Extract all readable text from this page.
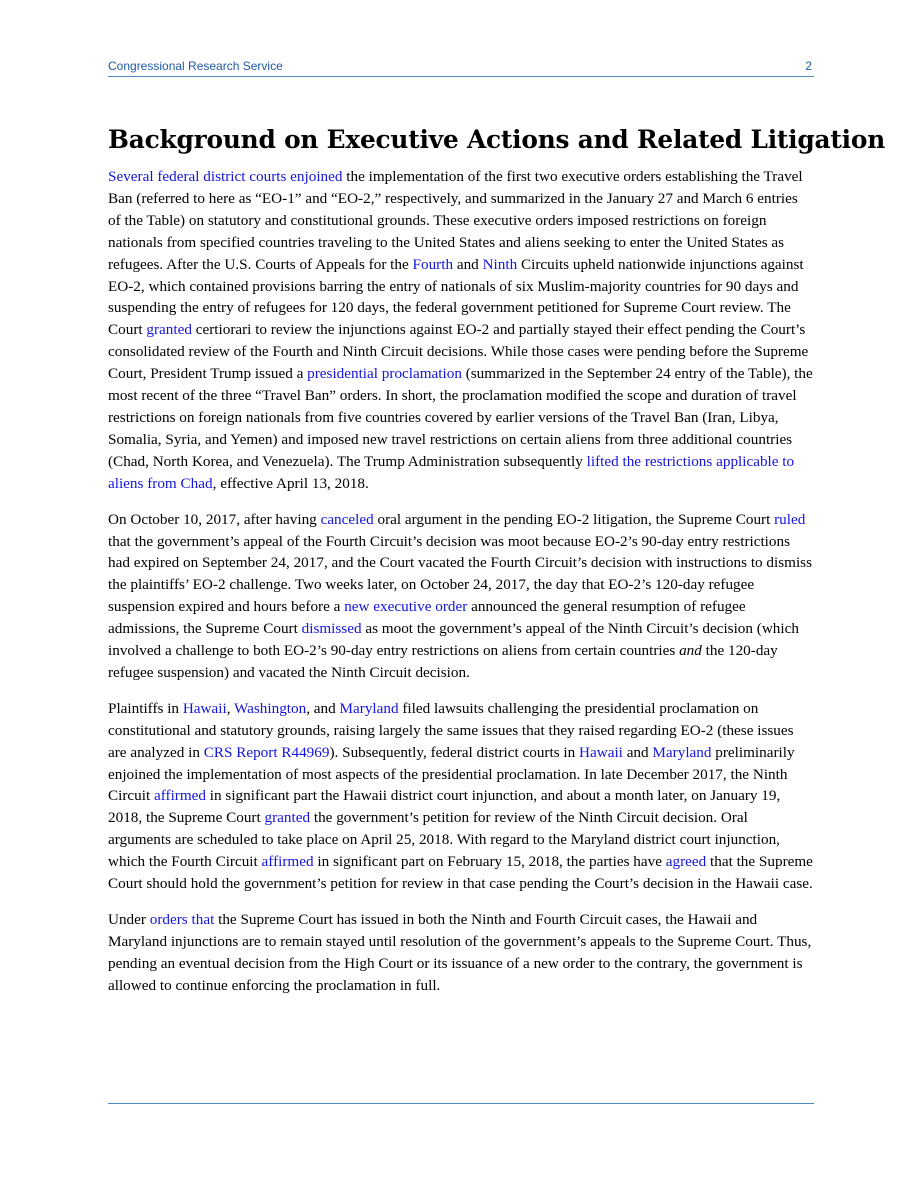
Congressional Research Service	2
Background on Executive Actions and Related Litigation

Several federal district courts enjoined the implementation of the first two executive orders establishing the Travel Ban (referred to here as “EO-1” and “EO-2,” respectively, and summarized in the January 27 and March 6 entries of the Table) on statutory and constitutional grounds. These executive orders imposed restrictions on foreign nationals from specified countries traveling to the United States and aliens seeking to enter the United States as refugees. After the U.S. Courts of Appeals for the Fourth and Ninth Circuits upheld nationwide injunctions against EO-2, which contained provisions barring the entry of nationals of six Muslim-majority countries for 90 days and suspending the entry of refugees for 120 days, the federal government petitioned for Supreme Court review. The Court granted certiorari to review the injunctions against EO-2 and partially stayed their effect pending the Court’s consolidated review of the Fourth and Ninth Circuit decisions. While those cases were pending before the Supreme Court, President Trump issued a presidential proclamation (summarized in the September 24 entry of the Table), the most recent of the three “Travel Ban” orders. In short, the proclamation modified the scope and duration of travel restrictions on foreign nationals from five countries covered by earlier versions of the Travel Ban (Iran, Libya, Somalia, Syria, and Yemen) and imposed new travel restrictions on certain aliens from three additional countries (Chad, North Korea, and Venezuela). The Trump Administration subsequently lifted the restrictions applicable to aliens from Chad, effective April 13, 2018.

On October 10, 2017, after having canceled oral argument in the pending EO-2 litigation, the Supreme Court ruled that the government’s appeal of the Fourth Circuit’s decision was moot because EO-2’s 90-day entry restrictions had expired on September 24, 2017, and the Court vacated the Fourth Circuit’s decision with instructions to dismiss the plaintiffs’ EO-2 challenge. Two weeks later, on October 24, 2017, the day that EO-2’s 120-day refugee suspension expired and hours before a new executive order announced the general resumption of refugee admissions, the Supreme Court dismissed as moot the government’s appeal of the Ninth Circuit’s decision (which involved a challenge to both EO-2’s 90-day entry restrictions on aliens from certain countries and the 120-day refugee suspension) and vacated the Ninth Circuit decision.

Plaintiffs in Hawaii, Washington, and Maryland filed lawsuits challenging the presidential proclamation on constitutional and statutory grounds, raising largely the same issues that they raised regarding EO-2 (these issues are analyzed in CRS Report R44969). Subsequently, federal district courts in Hawaii and Maryland preliminarily enjoined the implementation of most aspects of the presidential proclamation. In late December 2017, the Ninth Circuit affirmed in significant part the Hawaii district court injunction, and about a month later, on January 19, 2018, the Supreme Court granted the government’s petition for review of the Ninth Circuit decision. Oral arguments are scheduled to take place on April 25, 2018. With regard to the Maryland district court injunction, which the Fourth Circuit affirmed in significant part on February 15, 2018, the parties have agreed that the Supreme Court should hold the government’s petition for review in that case pending the Court’s decision in the Hawaii case.

Under orders that the Supreme Court has issued in both the Ninth and Fourth Circuit cases, the Hawaii and Maryland injunctions are to remain stayed until resolution of the government’s appeals to the Supreme Court. Thus, pending an eventual decision from the High Court or its issuance of a new order to the contrary, the government is allowed to continue enforcing the proclamation in full.
